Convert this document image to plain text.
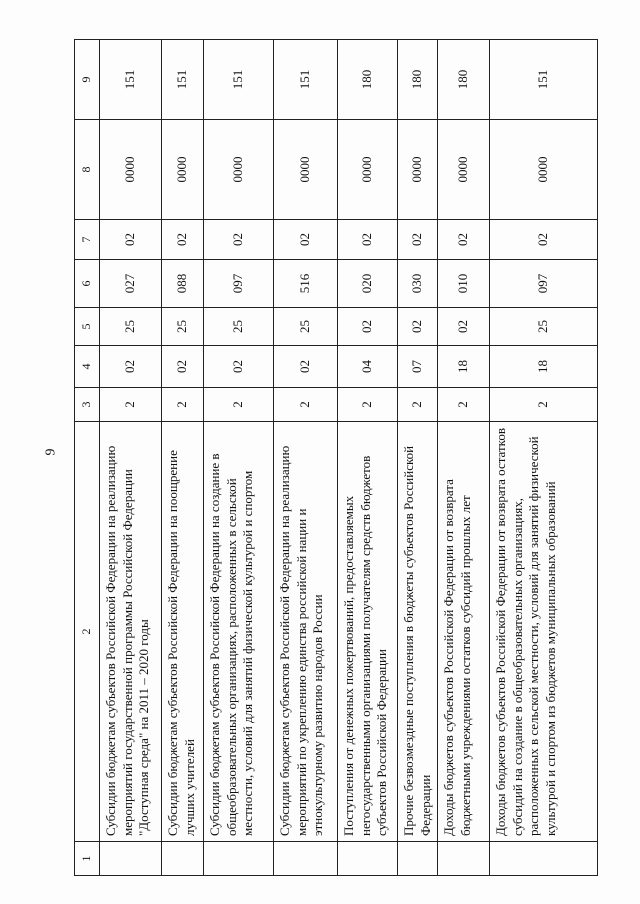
9
1	2	3	4	5	6	7	8	9
	Субсидии бюджетам субъектов Российской Федерации на реализацию мероприятий государственной программы Российской Федерации "Доступная среда" на 2011 – 2020 годы	2	02	25	027	02	0000	151
	Субсидии бюджетам субъектов Российской Федерации на поощрение лучших учителей	2	02	25	088	02	0000	151
	Субсидии бюджетам субъектов Российской Федерации на создание в общеобразовательных организациях, расположенных в сельской местности, условий для занятий физической культурой и спортом	2	02	25	097	02	0000	151
	Субсидии бюджетам субъектов Российской Федерации на реализацию мероприятий по укреплению единства российской нации и этнокультурному развитию народов России	2	02	25	516	02	0000	151
	Поступления от денежных пожертвований, предоставляемых негосударственными организациями получателям средств бюджетов субъектов Российской Федерации	2	04	02	020	02	0000	180
	Прочие безвозмездные поступления в бюджеты субъектов Российской Федерации	2	07	02	030	02	0000	180
	Доходы бюджетов субъектов Российской Федерации от возврата бюджетными учреждениями остатков субсидий прошлых лет	2	18	02	010	02	0000	180
	Доходы бюджетов субъектов Российской Федерации от возврата остатков субсидий на создание в общеобразовательных организациях, расположенных в сельской местности, условий для занятий физической культурой и спортом из бюджетов муниципальных образований	2	18	25	097	02	0000	151
